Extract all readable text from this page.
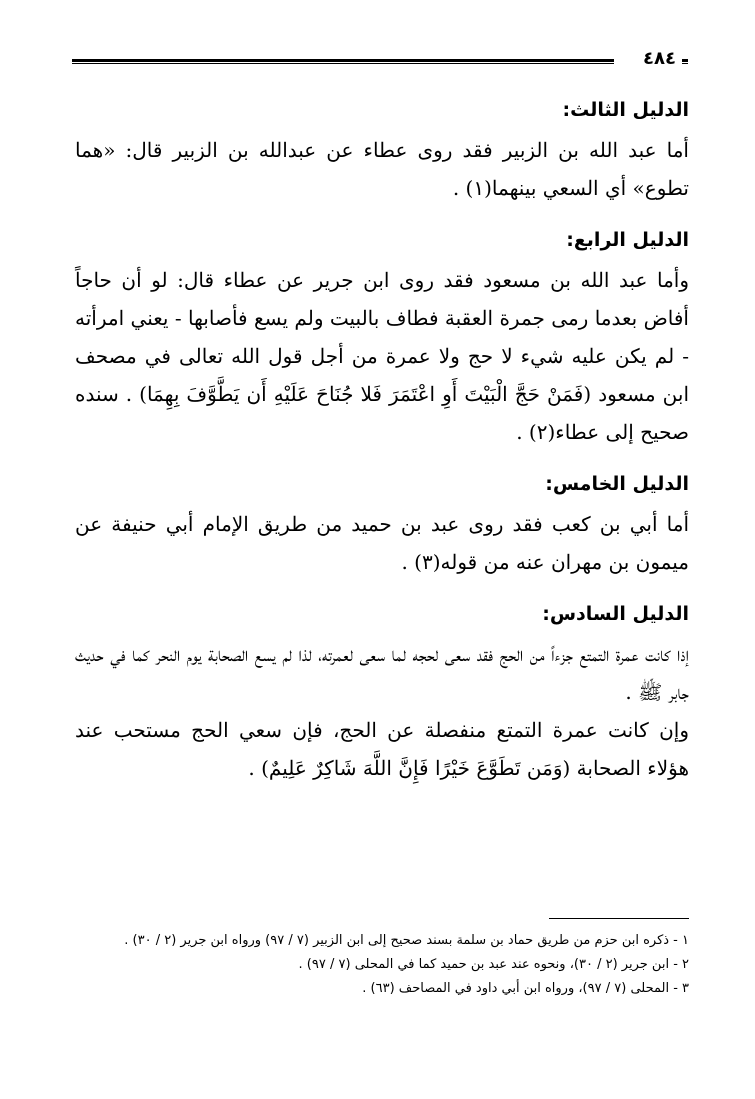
٤٨٤
الدليل الثالث:

أما عبد الله بن الزبير فقد روى عطاء عن عبدالله بن الزبير قال: «هما تطوع» أي السعي بينهما(١) .

الدليل الرابع:

وأما عبد الله بن مسعود فقد روى ابن جرير عن عطاء قال: لو أن حاجاً أفاض بعدما رمى جمرة العقبة فطاف بالبيت ولم يسع فأصابها - يعني امرأته - لم يكن عليه شيء لا حج ولا عمرة من أجل قول الله تعالى في مصحف ابن مسعود (فَمَنْ حَجَّ الْبَيْتَ أَوِ اعْتَمَرَ فَلا جُنَاحَ عَلَيْهِ أَن يَطَّوَّفَ بِهِمَا) . سنده صحيح إلى عطاء(٢) .

الدليل الخامس:

أما أبي بن كعب فقد روى عبد بن حميد من طريق الإمام أبي حنيفة عن ميمون بن مهران عنه من قوله(٣) .

الدليل السادس:

إذا كانت عمرة التمتع جزءاً من الحج فقد سعى لحجه لما سعى لعمرته، لذا لم يسع الصحابة يوم النحر كما في حديث جابر ﷺ .

وإن كانت عمرة التمتع منفصلة عن الحج، فإن سعي الحج مستحب عند هؤلاء الصحابة (وَمَن تَطَوَّعَ خَيْرًا فَإِنَّ اللَّهَ شَاكِرٌ عَلِيمٌ) .

١ - ذكره ابن حزم من طريق حماد بن سلمة بسند صحيح إلى ابن الزبير (٧ / ٩٧) ورواه ابن جرير (٢ / ٣٠) .

٢ - ابن جرير (٢ / ٣٠)، ونحوه عند عبد بن حميد كما في المحلى (٧ / ٩٧) .

٣ - المحلى (٧ / ٩٧)، ورواه ابن أبي داود في المصاحف (٦٣) .
